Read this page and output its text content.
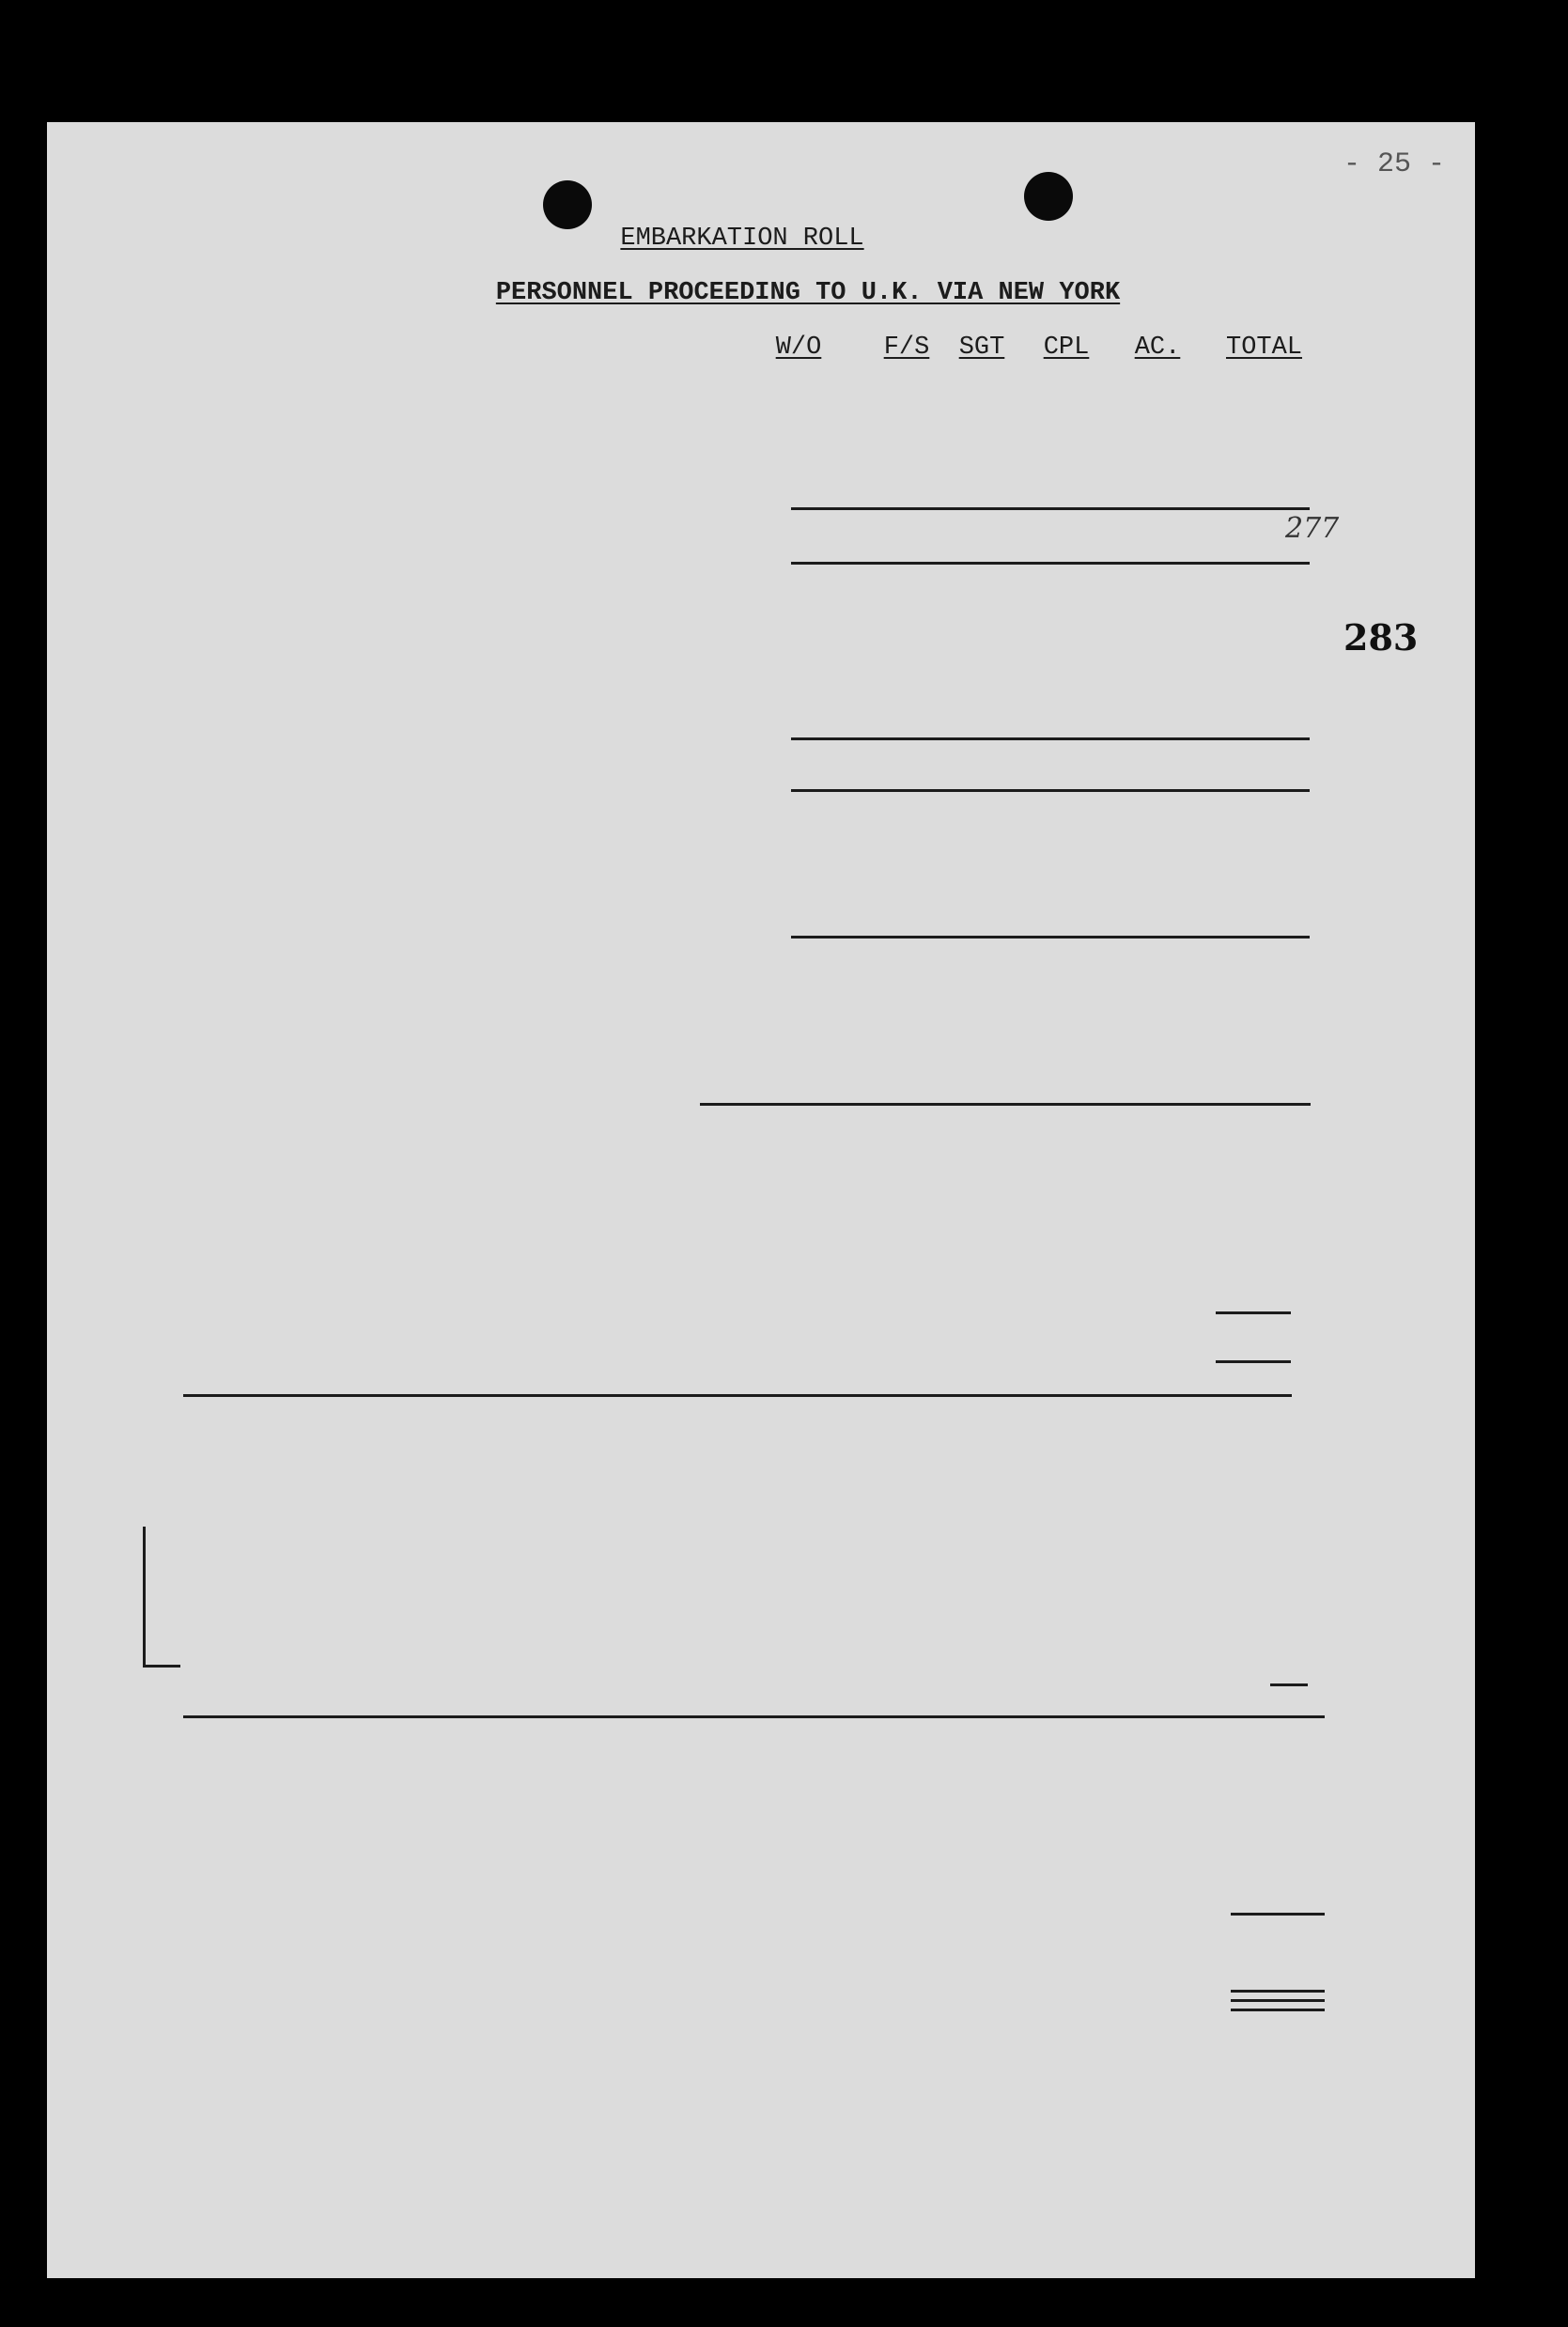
- 25 -
EMBARKATION ROLL
PERSONNEL PROCEEDING TO U.K. VIA NEW YORK
283
277
W/O	F/S	SGT	CPL	AC.	TOTAL
